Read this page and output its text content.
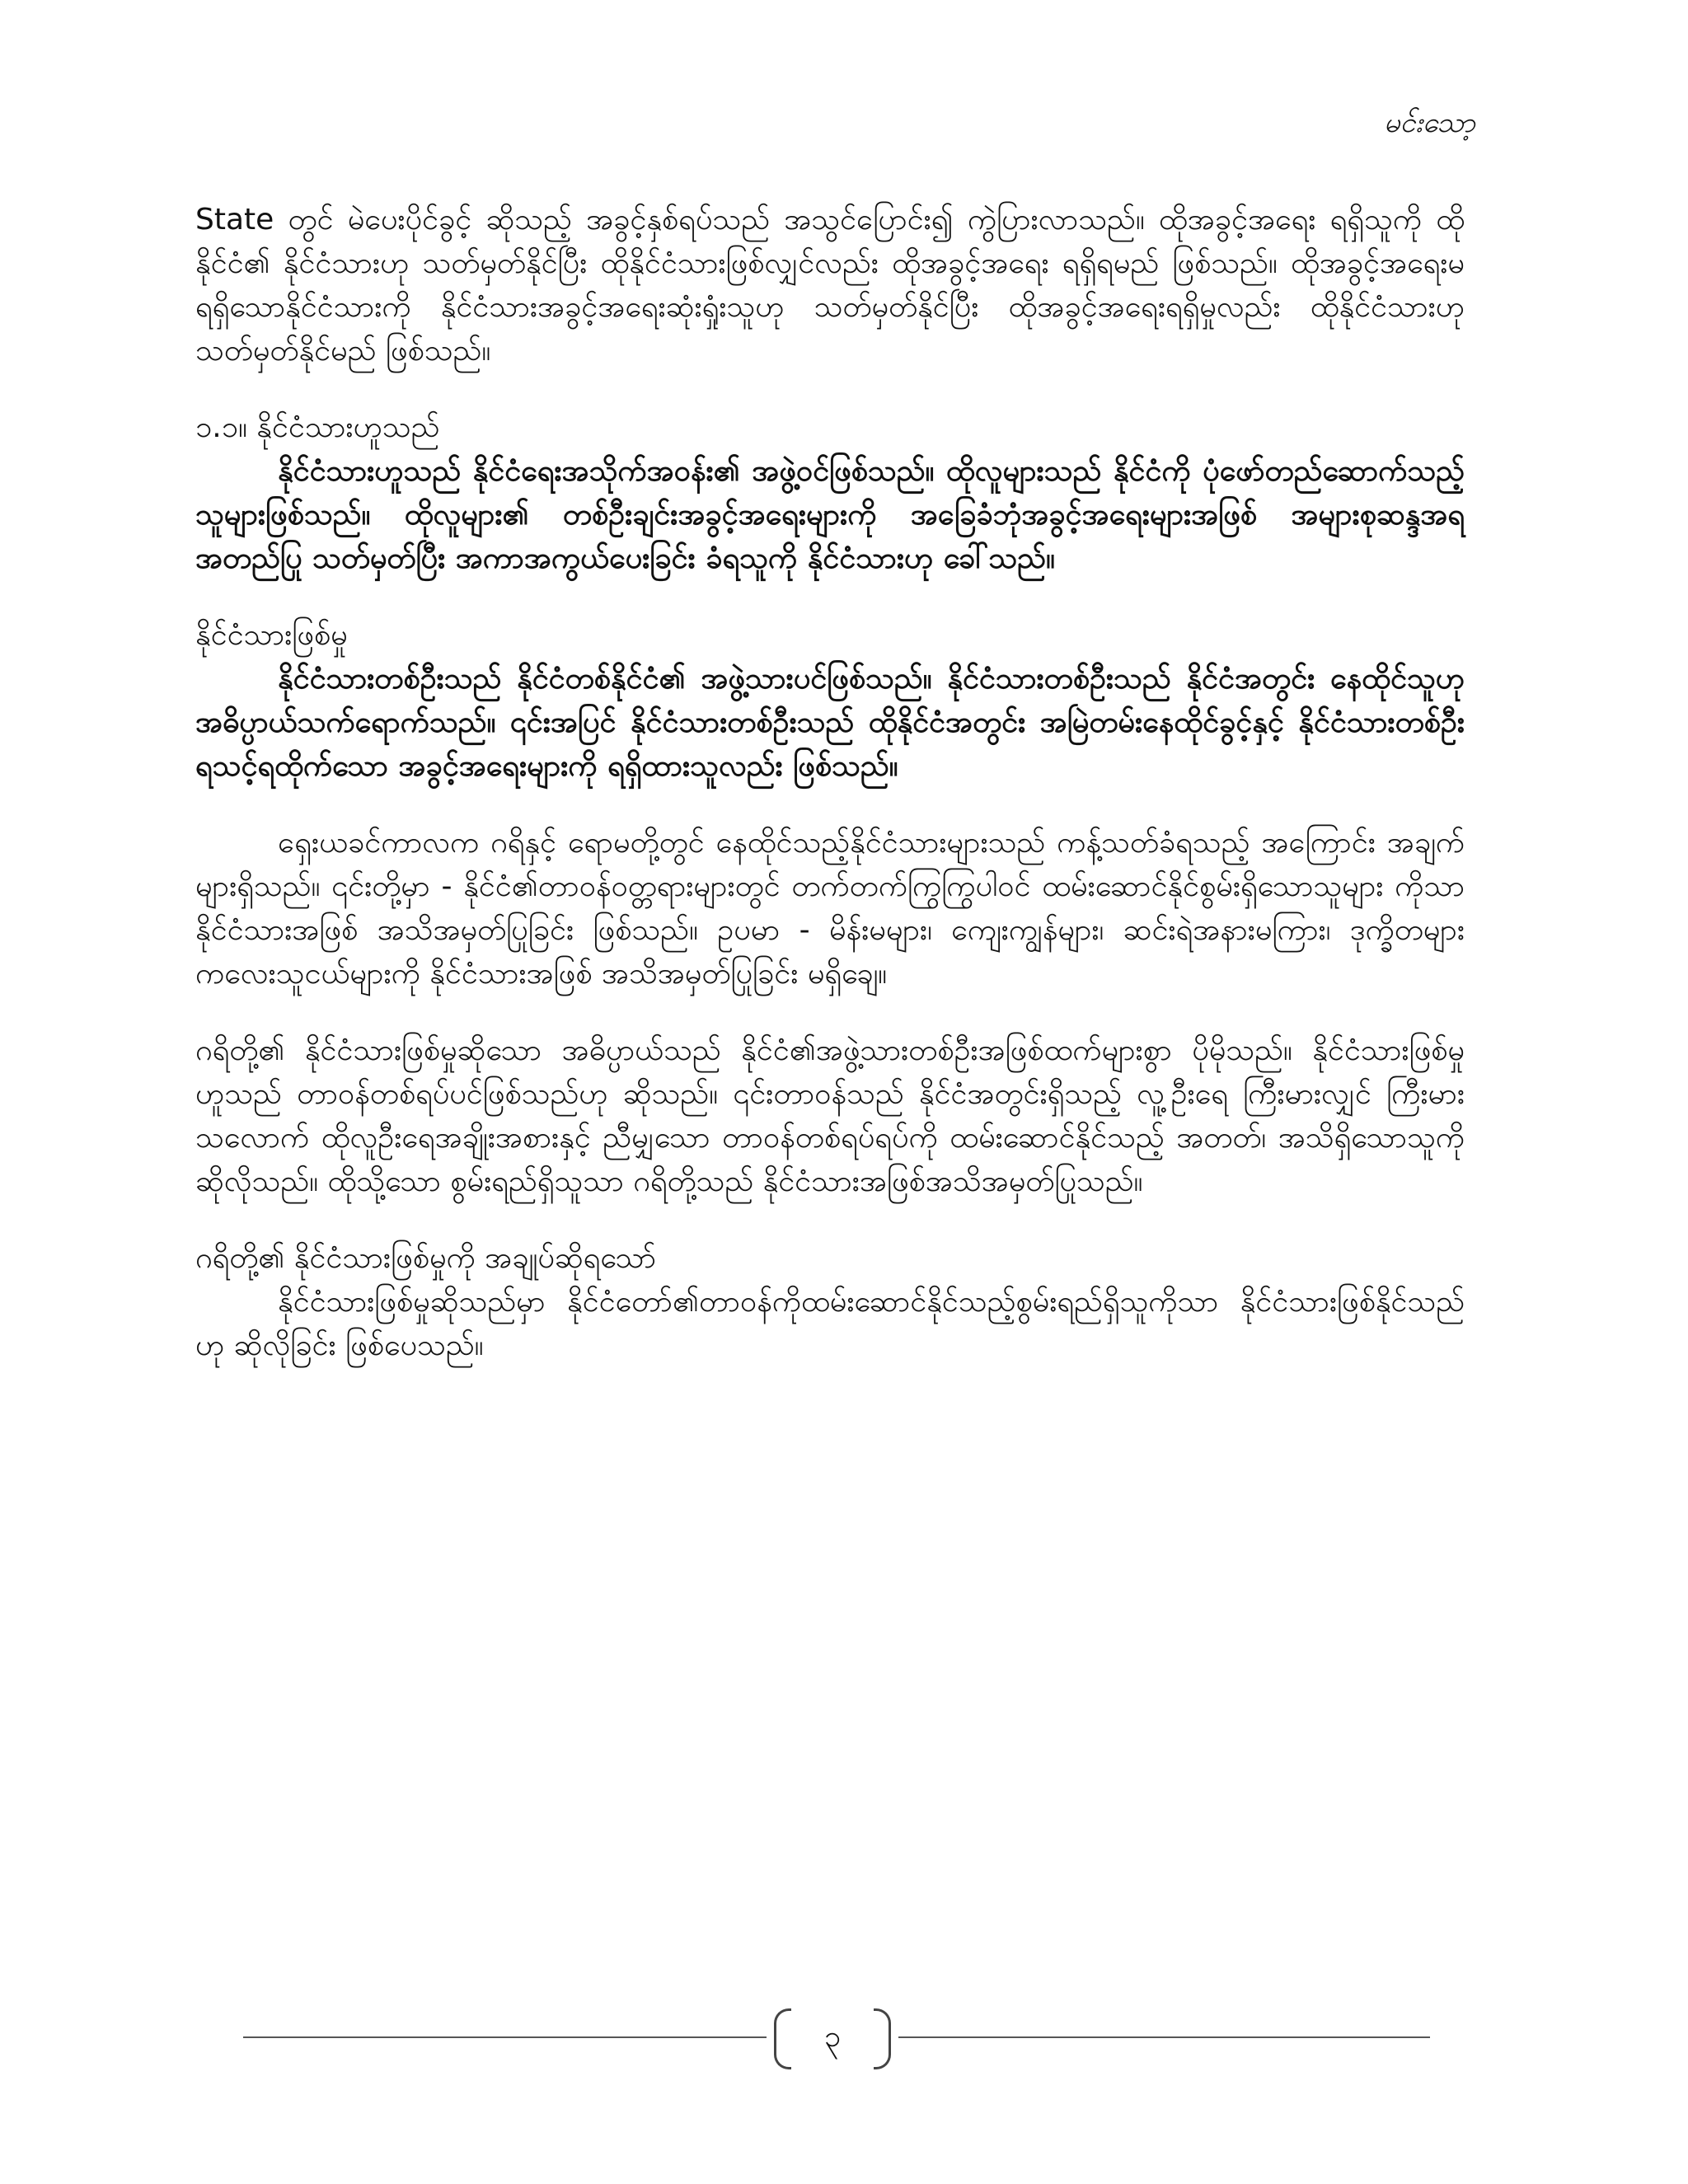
မင်းသော့

State တွင် မဲပေးပိုင်ခွင့် ဆိုသည့် အခွင့်နှစ်ရပ်သည် အသွင်ပြောင်း၍ ကွဲပြားလာသည်။ ထိုအခွင့်အရေး ရရှိသူကို ထိုနိုင်ငံ၏ နိုင်ငံသားဟု သတ်မှတ်နိုင်ပြီး ထိုနိုင်ငံသားဖြစ်လျှင်လည်း ထိုအခွင့်အရေး ရရှိရမည် ဖြစ်သည်။ ထိုအခွင့်အရေးမရရှိသောနိုင်ငံသားကို နိုင်ငံသားအခွင့်အရေးဆုံးရှုံးသူဟု သတ်မှတ်နိုင်ပြီး ထိုအခွင့်အရေးရရှိမှုလည်း ထိုနိုင်ငံသားဟု သတ်မှတ်နိုင်မည် ဖြစ်သည်။

၁.၁။ နိုင်ငံသားဟူသည်

နိုင်ငံသားဟူသည် နိုင်ငံရေးအသိုက်အဝန်း၏ အဖွဲ့ဝင်ဖြစ်သည်။ ထိုလူများသည် နိုင်ငံကို ပုံဖော်တည်ဆောက်သည့် သူများဖြစ်သည်။ ထိုလူများ၏ တစ်ဦးချင်းအခွင့်အရေးများကို အခြေခံဘုံအခွင့်အရေးများအဖြစ် အများစုဆန္ဒအရ အတည်ပြု သတ်မှတ်ပြီး အကာအကွယ်ပေးခြင်း ခံရသူကို နိုင်ငံသားဟု ခေါ်သည်။

နိုင်ငံသားဖြစ်မှု

နိုင်ငံသားတစ်ဦးသည် နိုင်ငံတစ်နိုင်ငံ၏ အဖွဲ့သားပင်ဖြစ်သည်။ နိုင်ငံသားတစ်ဦးသည် နိုင်ငံအတွင်း နေထိုင်သူဟု အဓိပ္ပာယ်သက်ရောက်သည်။ ၎င်းအပြင် နိုင်ငံသားတစ်ဦးသည် ထိုနိုင်ငံအတွင်း အမြဲတမ်းနေထိုင်ခွင့်နှင့် နိုင်ငံသားတစ်ဦး ရသင့်ရထိုက်သော အခွင့်အရေးများကို ရရှိထားသူလည်း ဖြစ်သည်။

ရှေးယခင်ကာလက ဂရိနှင့် ရောမတို့တွင် နေထိုင်သည့်နိုင်ငံသားများသည် ကန့်သတ်ခံရသည့် အကြောင်း အချက်များရှိသည်။ ၎င်းတို့မှာ - နိုင်ငံ၏တာဝန်ဝတ္တရားများတွင် တက်တက်ကြွကြွပါဝင် ထမ်းဆောင်နိုင်စွမ်းရှိသောသူများ ကိုသာ နိုင်ငံသားအဖြစ် အသိအမှတ်ပြုခြင်း ဖြစ်သည်။ ဥပမာ - မိန်းမများ၊ ကျေးကျွန်များ၊ ဆင်းရဲအနားမကြား၊ ဒုက္ခိတများ ကလေးသူငယ်များကို နိုင်ငံသားအဖြစ် အသိအမှတ်ပြုခြင်း မရှိချေ။

ဂရိတို့၏ နိုင်ငံသားဖြစ်မှုဆိုသော အဓိပ္ပာယ်သည် နိုင်ငံ၏အဖွဲ့သားတစ်ဦးအဖြစ်ထက်များစွာ ပိုမိုသည်။ နိုင်ငံသားဖြစ်မှု ဟူသည် တာဝန်တစ်ရပ်ပင်ဖြစ်သည်ဟု ဆိုသည်။ ၎င်းတာဝန်သည် နိုင်ငံအတွင်းရှိသည့် လူ့ဦးရေ ကြီးမားလျှင် ကြီးမားသလောက် ထိုလူဦးရေအချိုးအစားနှင့် ညီမျှသော တာဝန်တစ်ရပ်ရပ်ကို ထမ်းဆောင်နိုင်သည့် အတတ်၊ အသိရှိသောသူကို ဆိုလိုသည်။ ထိုသို့သော စွမ်းရည်ရှိသူသာ ဂရိတို့သည် နိုင်ငံသားအဖြစ်အသိအမှတ်ပြုသည်။

ဂရိတို့၏ နိုင်ငံသားဖြစ်မှုကို အချုပ်ဆိုရသော်

နိုင်ငံသားဖြစ်မှုဆိုသည်မှာ နိုင်ငံတော်၏တာဝန်ကိုထမ်းဆောင်နိုင်သည့်စွမ်းရည်ရှိသူကိုသာ နိုင်ငံသားဖြစ်နိုင်သည် ဟု ဆိုလိုခြင်း ဖြစ်ပေသည်။

၃
